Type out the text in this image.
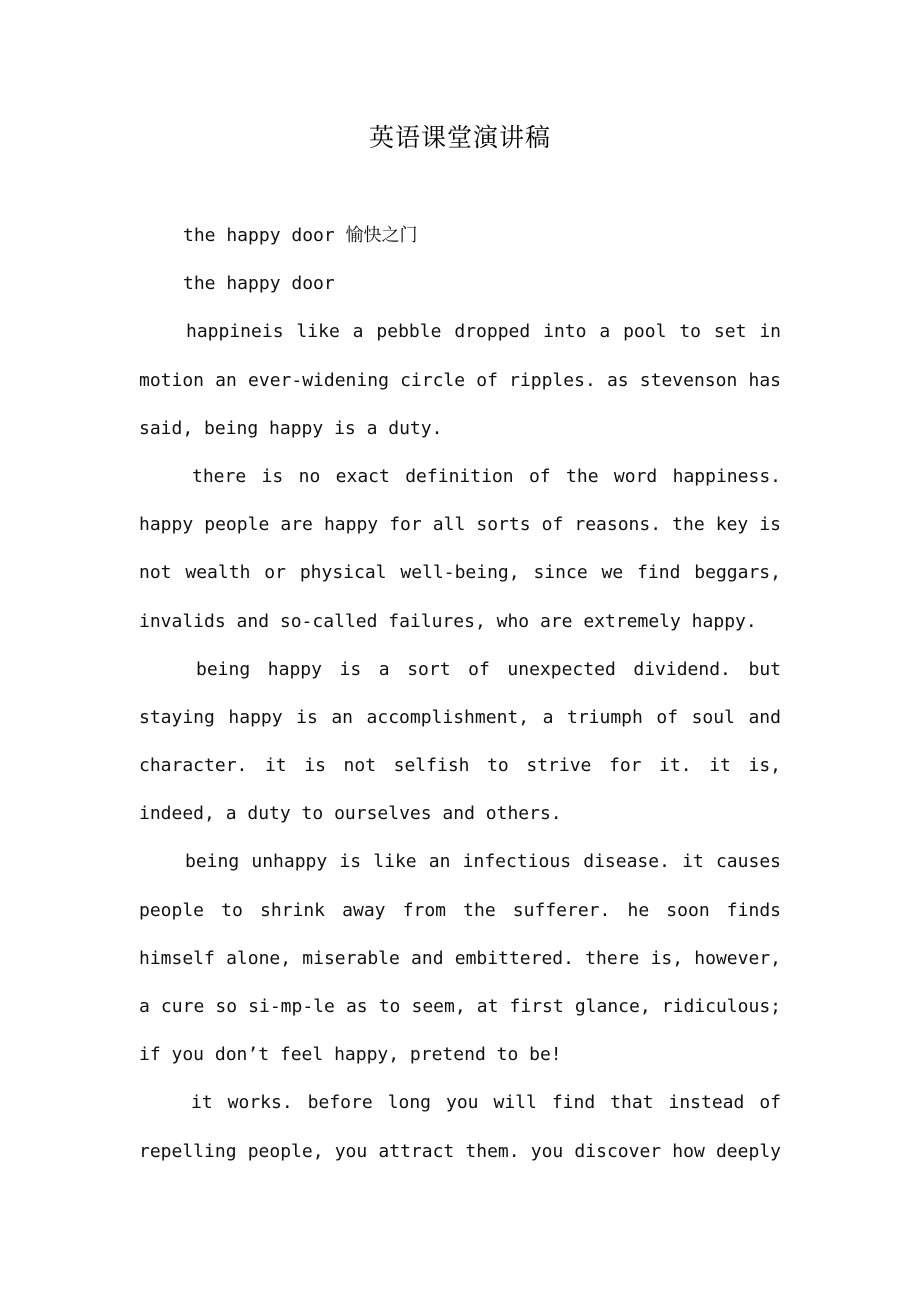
英语课堂演讲稿
the happy door 愉快之门
the happy door
happineis like a pebble dropped into a pool to set in
motion an ever-widening circle of ripples. as stevenson has
said, being happy is a duty.
there is no exact definition of the word happiness.
happy people are happy for all sorts of reasons. the key is
not wealth or physical well-being, since we find beggars,
invalids and so-called failures, who are extremely happy.
being happy is a sort of unexpected dividend. but
staying happy is an accomplishment, a triumph of soul and
character. it is not selfish to strive for it. it is,
indeed, a duty to ourselves and others.
being unhappy is like an infectious disease. it causes
people to shrink away from the sufferer. he soon finds
himself alone, miserable and embittered. there is, however,
a cure so si-mp-le as to seem, at first glance, ridiculous;
if you don’t feel happy, pretend to be!
it works. before long you will find that instead of
repelling people, you attract them. you discover how deeply
